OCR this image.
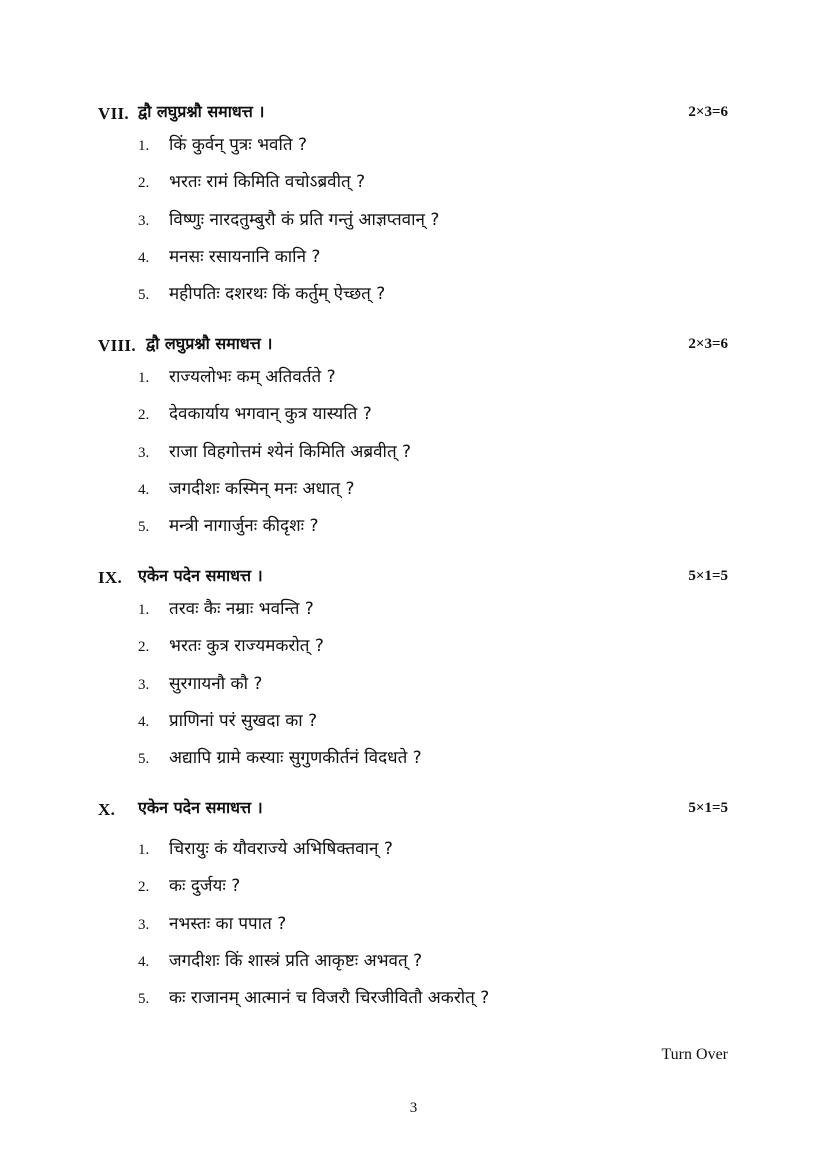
VII. द्वौ लघुप्रश्नौ समाधत्त ।	2×3=6
1. किं कुर्वन् पुत्रः भवति ?
2. भरतः रामं किमिति वचोऽब्रवीत् ?
3. विष्णुः नारदतुम्बुरौ कं प्रति गन्तुं आज्ञप्तवान् ?
4. मनसः रसायनानि कानि ?
5. महीपतिः दशरथः किं कर्तुम् ऐच्छत् ?
VIII. द्वौ लघुप्रश्नौ समाधत्त ।	2×3=6
1. राज्यलोभः कम् अतिवर्तते ?
2. देवकार्याय भगवान् कुत्र यास्यति ?
3. राजा विहगोत्तमं श्येनं किमिति अब्रवीत् ?
4. जगदीशः कस्मिन् मनः अधात् ?
5. मन्त्री नागार्जुनः कीदृशः ?
IX. एकेन पदेन समाधत्त ।	5×1=5
1. तरवः कैः नम्राः भवन्ति ?
2. भरतः कुत्र राज्यमकरोत् ?
3. सुरगायनौ कौ ?
4. प्राणिनां परं सुखदा का ?
5. अद्यापि ग्रामे कस्याः सुगुणकीर्तनं विदधते ?
X. एकेन पदेन समाधत्त ।	5×1=5
1. चिरायुः कं यौवराज्ये अभिषिक्तवान् ?
2. कः दुर्जयः ?
3. नभस्तः का पपात ?
4. जगदीशः किं शास्त्रं प्रति आकृष्टः अभवत् ?
5. कः राजानम् आत्मानं च विजरौ चिरजीवितौ अकरोत् ?
Turn Over
3
